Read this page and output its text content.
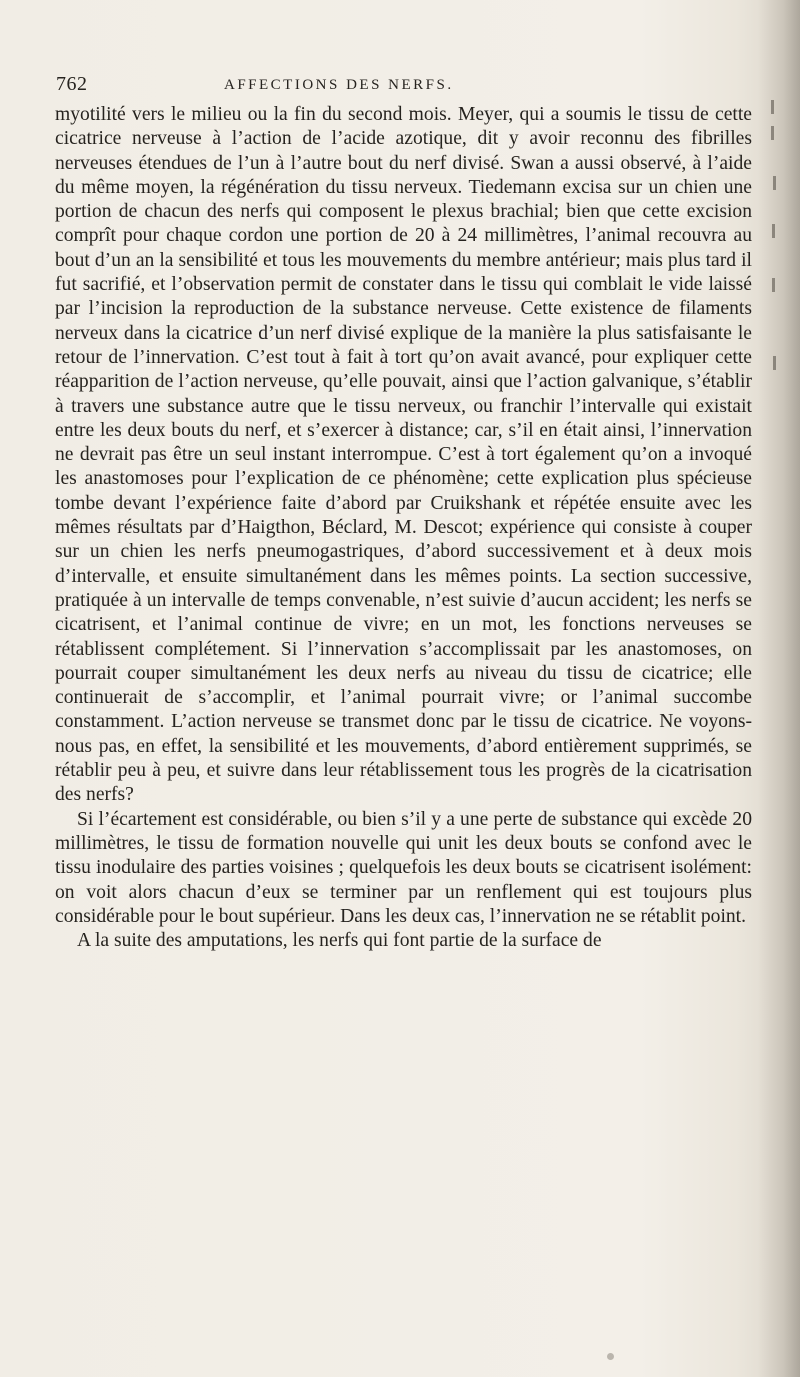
762	AFFECTIONS DES NERFS.

myotilité vers le milieu ou la fin du second mois. Meyer, qui a soumis le tissu de cette cicatrice nerveuse à l’action de l’acide azotique, dit y avoir reconnu des fibrilles nerveuses étendues de l’un à l’autre bout du nerf divisé. Swan a aussi observé, à l’aide du même moyen, la régénération du tissu nerveux. Tiedemann excisa sur un chien une portion de chacun des nerfs qui composent le plexus brachial; bien que cette excision comprît pour chaque cordon une portion de 20 à 24 millimètres, l’animal recouvra au bout d’un an la sensibilité et tous les mouvements du membre antérieur; mais plus tard il fut sacrifié, et l’observation permit de constater dans le tissu qui comblait le vide laissé par l’incision la reproduction de la substance nerveuse. Cette existence de filaments nerveux dans la cicatrice d’un nerf divisé explique de la manière la plus satisfaisante le retour de l’innervation. C’est tout à fait à tort qu’on avait avancé, pour expliquer cette réapparition de l’action nerveuse, qu’elle pouvait, ainsi que l’action galvanique, s’établir à travers une substance autre que le tissu nerveux, ou franchir l’intervalle qui existait entre les deux bouts du nerf, et s’exercer à distance; car, s’il en était ainsi, l’innervation ne devrait pas être un seul instant interrompue. C’est à tort également qu’on a invoqué les anastomoses pour l’explication de ce phénomène; cette explication plus spécieuse tombe devant l’expérience faite d’abord par Cruikshank et répétée ensuite avec les mêmes résultats par d’Haigthon, Béclard, M. Descot; expérience qui consiste à couper sur un chien les nerfs pneumogastriques, d’abord successivement et à deux mois d’intervalle, et ensuite simultanément dans les mêmes points. La section successive, pratiquée à un intervalle de temps convenable, n’est suivie d’aucun accident; les nerfs se cicatrisent, et l’animal continue de vivre; en un mot, les fonctions nerveuses se rétablissent complétement. Si l’innervation s’accomplissait par les anastomoses, on pourrait couper simultanément les deux nerfs au niveau du tissu de cicatrice; elle continuerait de s’accomplir, et l’animal pourrait vivre; or l’animal succombe constamment. L’action nerveuse se transmet donc par le tissu de cicatrice. Ne voyons-nous pas, en effet, la sensibilité et les mouvements, d’abord entièrement supprimés, se rétablir peu à peu, et suivre dans leur rétablissement tous les progrès de la cicatrisation des nerfs?

Si l’écartement est considérable, ou bien s’il y a une perte de substance qui excède 20 millimètres, le tissu de formation nouvelle qui unit les deux bouts se confond avec le tissu inodulaire des parties voisines ; quelquefois les deux bouts se cicatrisent isolément: on voit alors chacun d’eux se terminer par un renflement qui est toujours plus considérable pour le bout supérieur. Dans les deux cas, l’innervation ne se rétablit point.

A la suite des amputations, les nerfs qui font partie de la surface de
